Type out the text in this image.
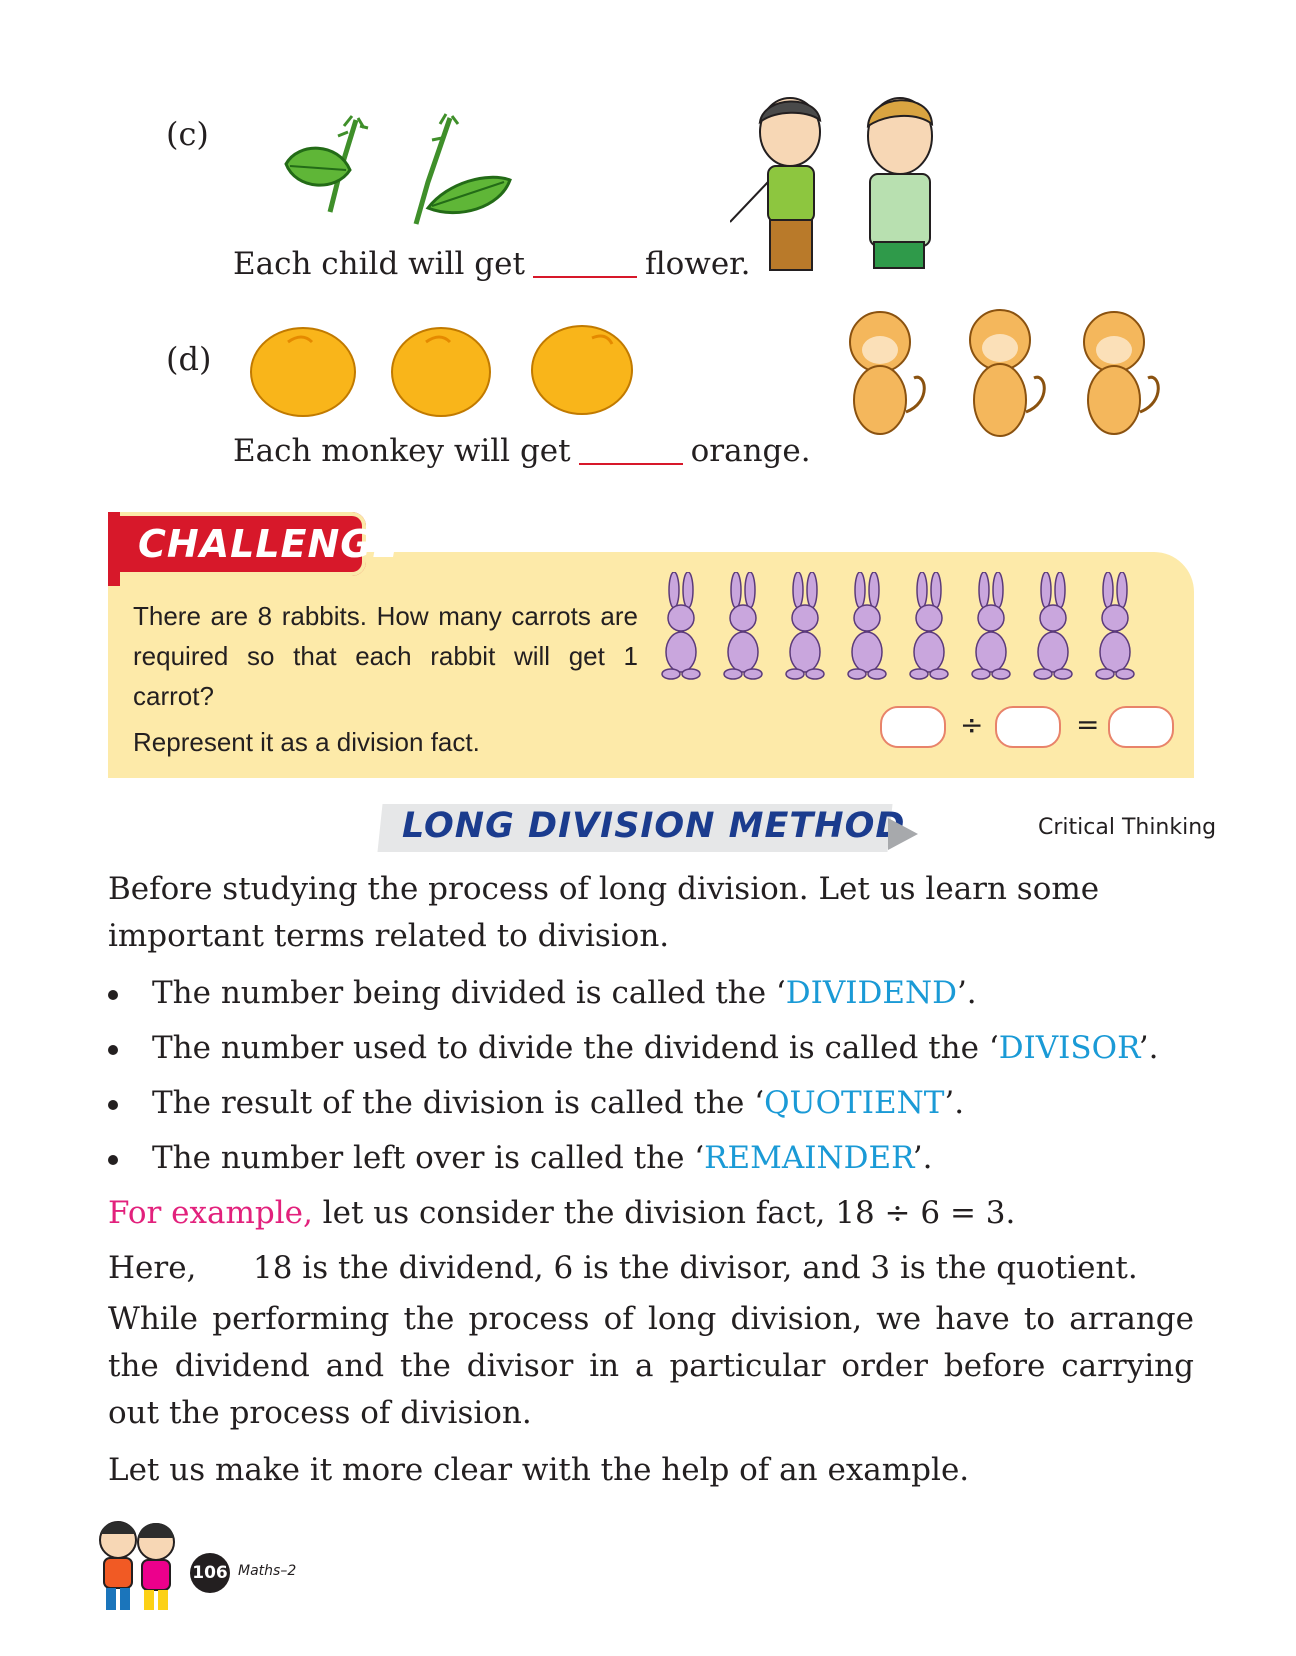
(c)
Each child will get	flower.
(d)
Each monkey will get	orange.
CHALLENGE
There are 8 rabbits. How many carrots are required so that each rabbit will get 1 carrot?
Represent it as a division fact.
÷	=
LONG DIVISION METHOD	Critical Thinking
Before studying the process of long division. Let us learn some important terms related to division.
The number being divided is called the ‘DIVIDEND’.
The number used to divide the dividend is called the ‘DIVISOR’.
The result of the division is called the ‘QUOTIENT’.
The number left over is called the ‘REMAINDER’.
For example, let us consider the division fact, 18 ÷ 6 = 3.
Here, 18 is the dividend, 6 is the divisor, and 3 is the quotient.
While performing the process of long division, we have to arrange the dividend and the divisor in a particular order before carrying out the process of division.
Let us make it more clear with the help of an example.
106 Maths–2
